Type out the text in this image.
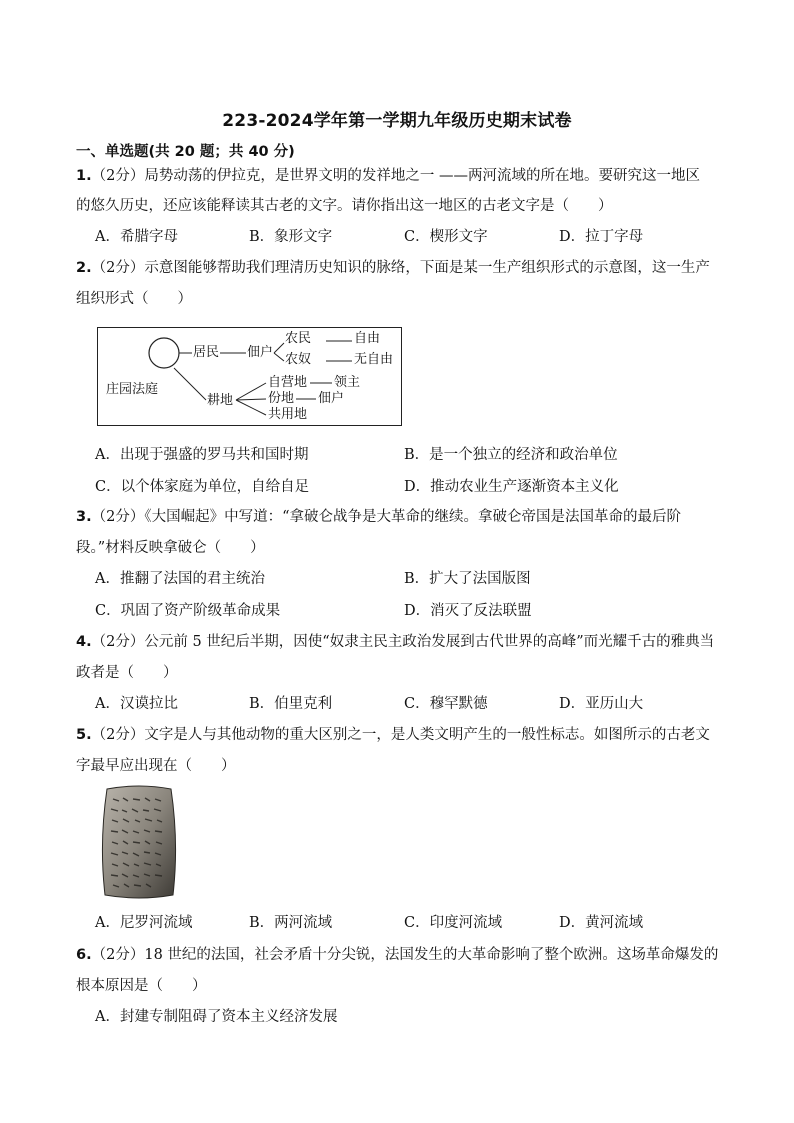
223-2024学年第一学期九年级历史期末试卷
一、单选题(共 20 题；共 40 分)
1.（2分）局势动荡的伊拉克，是世界文明的发祥地之一 ——两河流域的所在地。要研究这一地区
的悠久历史，还应该能释读其古老的文字。请你指出这一地区的古老文字是（　　）
A．希腊字母	B．象形文字	C．楔形文字	D．拉丁字母
2.（2分）示意图能够帮助我们理清历史知识的脉络，下面是某一生产组织形式的示意图，这一生产
组织形式（　　）
居民 佃户
农民	自由
农奴	无自由
庄园法庭
耕地
自营地 领主
份地 佃户
共用地
A．出现于强盛的罗马共和国时期	B．是一个独立的经济和政治单位
C．以个体家庭为单位，自给自足	D．推动农业生产逐渐资本主义化
3.（2分）《大国崛起》中写道：“拿破仑战争是大革命的继续。拿破仑帝国是法国革命的最后阶
段。”材料反映拿破仑（　　）
A．推翻了法国的君主统治	B．扩大了法国版图
C．巩固了资产阶级革命成果	D．消灭了反法联盟
4.（2分）公元前 5 世纪后半期，因使“奴隶主民主政治发展到古代世界的高峰”而光耀千古的雅典当
政者是（　　）
A．汉谟拉比	B．伯里克利	C．穆罕默德	D．亚历山大
5.（2分）文字是人与其他动物的重大区别之一，是人类文明产生的一般性标志。如图所示的古老文
字最早应出现在（　　）
A．尼罗河流域	B．两河流域	C．印度河流域	D．黄河流域
6.（2分）18 世纪的法国，社会矛盾十分尖锐，法国发生的大革命影响了整个欧洲。这场革命爆发的
根本原因是（　　）
A．封建专制阻碍了资本主义经济发展
